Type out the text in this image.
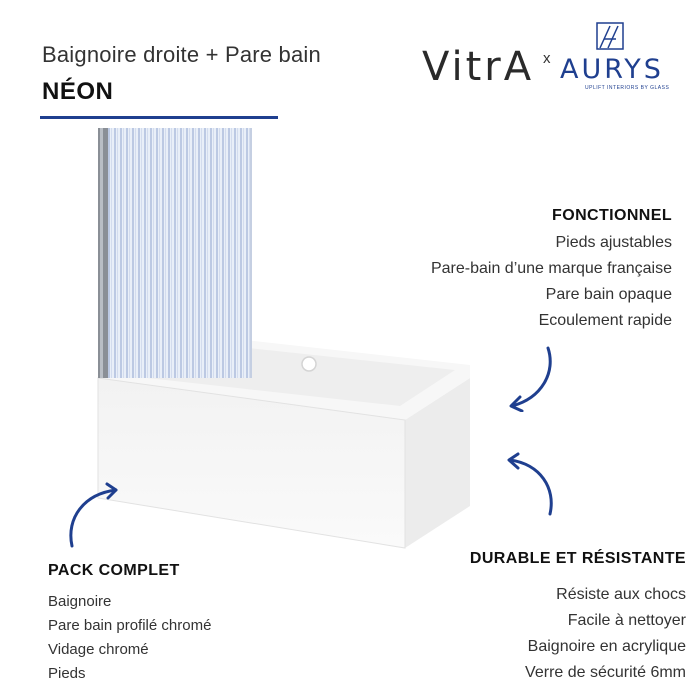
Baignoire droite + Pare bain
NÉON
VitrA x AURYS
UPLIFT INTERIORS BY GLASS
FONCTIONNEL
Pieds ajustables
Pare-bain d’une marque française
Pare bain opaque
Ecoulement rapide
PACK COMPLET
Baignoire
Pare bain profilé chromé
Vidage chromé
Pieds
DURABLE ET RÉSISTANTE
Résiste aux chocs
Facile à nettoyer
Baignoire en acrylique
Verre de sécurité 6mm
